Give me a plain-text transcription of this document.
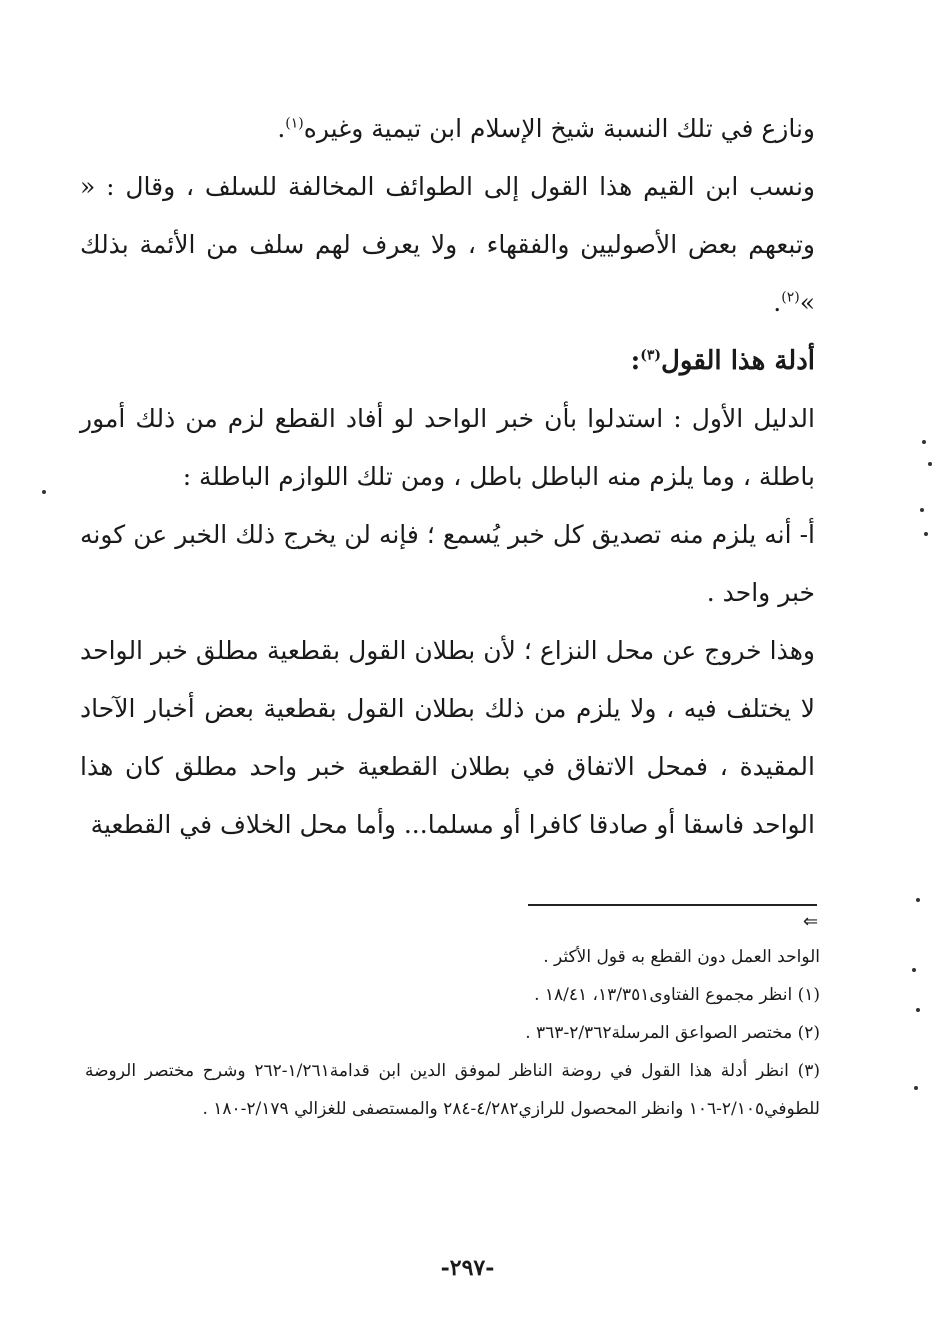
ونازع في تلك النسبة شيخ الإسلام ابن تيمية وغيره$^{(١)}$.

ونسب ابن القيم هذا القول إلى الطوائف المخالفة للسلف ، وقال : « وتبعهم بعض الأصوليين والفقهاء ، ولا يعرف لهم سلف من الأئمة بذلك »$^{(٢)}$.

أدلة هذا القول$^{(٣)}$:

الدليل الأول : استدلوا بأن خبر الواحد لو أفاد القطع لزم من ذلك أمور باطلة ، وما يلزم منه الباطل باطل ، ومن تلك اللوازم الباطلة :

أ- أنه يلزم منه تصديق كل خبر يُسمع ؛ فإنه لن يخرج ذلك الخبر عن كونه خبر واحد .

وهذا خروج عن محل النزاع ؛ لأن بطلان القول بقطعية مطلق خبر الواحد لا يختلف فيه ، ولا يلزم من ذلك بطلان القول بقطعية بعض أخبار الآحاد المقيدة ، فمحل الاتفاق في بطلان القطعية خبر واحد مطلق كان هذا الواحد فاسقا أو صادقا كافرا أو مسلما... وأما محل الخلاف في القطعية

⇐

الواحد العمل دون القطع به قول الأكثر .

(١) انظر مجموع الفتاوى١٣/٣٥١، ١٨/٤١ .

(٢) مختصر الصواعق المرسلة٢/٣٦٢-٣٦٣ .

(٣) انظر أدلة هذا القول في روضة الناظر لموفق الدين ابن قدامة١/٢٦١-٢٦٢ وشرح مختصر الروضة للطوفي٢/١٠٥-١٠٦ وانظر المحصول للرازي٤/٢٨٢-٢٨٤ والمستصفى للغزالي ٢/١٧٩-١٨٠ .

-٢٩٧-
